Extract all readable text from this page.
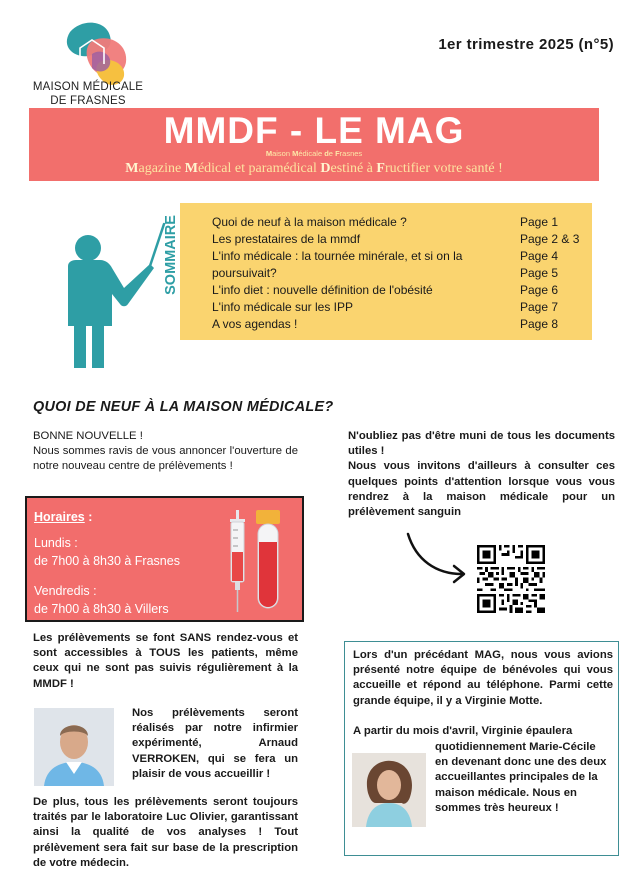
MAISON MÉDICALE
DE FRASNES
1er trimestre 2025 (n°5)
MMDF - LE MAG
Maison Médicale de Frasnes
Magazine Médical et paramédical Destiné à Fructifier votre santé !
SOMMAIRE	Quoi de neuf à la maison médicale ?	Page 1
Les prestataires de la mmdf	Page 2 & 3
L'info médicale : la tournée minérale, et si on la	Page 4
poursuivait?	Page 5
L'info diet : nouvelle définition de l'obésité	Page 6
L'info médicale sur les IPP	Page 7
A vos agendas !	Page 8
QUOI DE NEUF À LA MAISON MÉDICALE?
BONNE NOUVELLE !
Nous sommes ravis de vous annoncer l'ouverture de notre nouveau centre de prélèvements !
Horaires :
Lundis :
de 7h00 à 8h30 à Frasnes
Vendredis :
de 7h00 à 8h30 à Villers
Les prélèvements se font SANS rendez-vous et sont accessibles à TOUS les patients, même ceux qui ne sont pas suivis régulièrement à la MMDF !
Nos prélèvements seront réalisés par notre infirmier expérimenté, Arnaud VERROKEN, qui se fera un plaisir de vous accueillir !
De plus, tous les prélèvements seront toujours traités par le laboratoire Luc Olivier, garantissant ainsi la qualité de vos analyses ! Tout prélèvement sera fait sur base de la prescription de votre médecin.
N'oubliez pas d'être muni de tous les documents utiles !
Nous vous invitons d'ailleurs à consulter ces quelques points d'attention lorsque vous vous rendrez à la maison médicale pour un prélèvement sanguin
Lors d'un précédant MAG, nous vous avions présenté notre équipe de bénévoles qui vous accueille et répond au téléphone. Parmi cette grande équipe, il y a Virginie Motte.
A partir du mois d'avril, Virginie épaulera
quotidiennement Marie-Cécile en devenant donc une des deux accueillantes principales de la maison médicale. Nous en sommes très heureux !
